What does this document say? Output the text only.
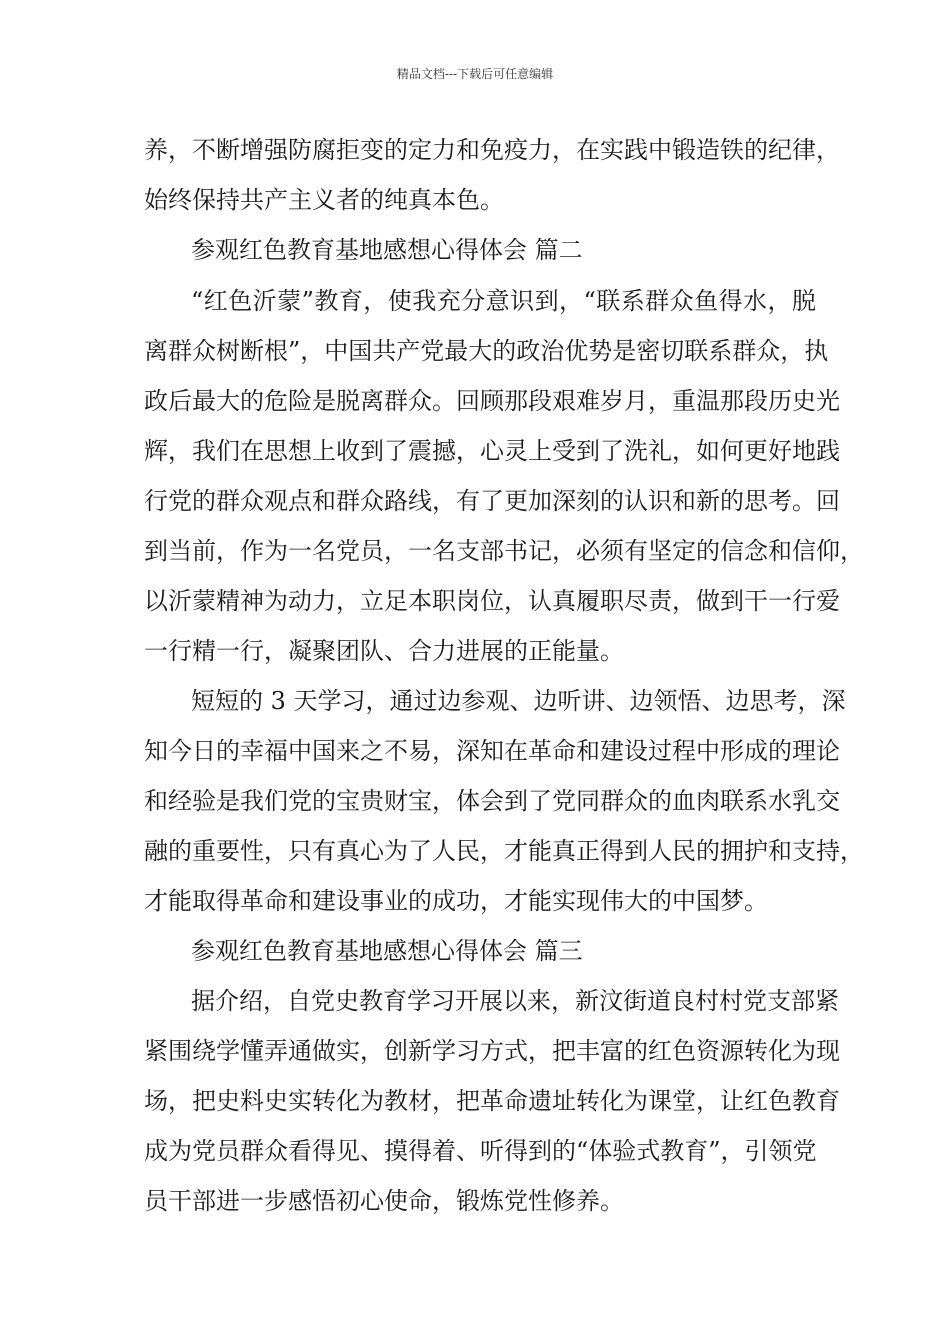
精品文档---下载后可任意编辑
养，不断增强防腐拒变的定力和免疫力，在实践中锻造铁的纪律，
始终保持共产主义者的纯真本色。
参观红色教育基地感想心得体会 篇二
“红色沂蒙”教育，使我充分意识到，“联系群众鱼得水，脱
离群众树断根”，中国共产党最大的政治优势是密切联系群众，执
政后最大的危险是脱离群众。回顾那段艰难岁月，重温那段历史光
辉，我们在思想上收到了震撼，心灵上受到了洗礼，如何更好地践
行党的群众观点和群众路线，有了更加深刻的认识和新的思考。回
到当前，作为一名党员，一名支部书记，必须有坚定的信念和信仰，
以沂蒙精神为动力，立足本职岗位，认真履职尽责，做到干一行爱
一行精一行，凝聚团队、合力进展的正能量。
短短的 3 天学习，通过边参观、边听讲、边领悟、边思考，深
知今日的幸福中国来之不易，深知在革命和建设过程中形成的理论
和经验是我们党的宝贵财宝，体会到了党同群众的血肉联系水乳交
融的重要性，只有真心为了人民，才能真正得到人民的拥护和支持，
才能取得革命和建设事业的成功，才能实现伟大的中国梦。
参观红色教育基地感想心得体会 篇三
据介绍，自党史教育学习开展以来，新汶街道良村村党支部紧
紧围绕学懂弄通做实，创新学习方式，把丰富的红色资源转化为现
场，把史料史实转化为教材，把革命遗址转化为课堂，让红色教育
成为党员群众看得见、摸得着、听得到的“体验式教育”，引领党
员干部进一步感悟初心使命，锻炼党性修养。
